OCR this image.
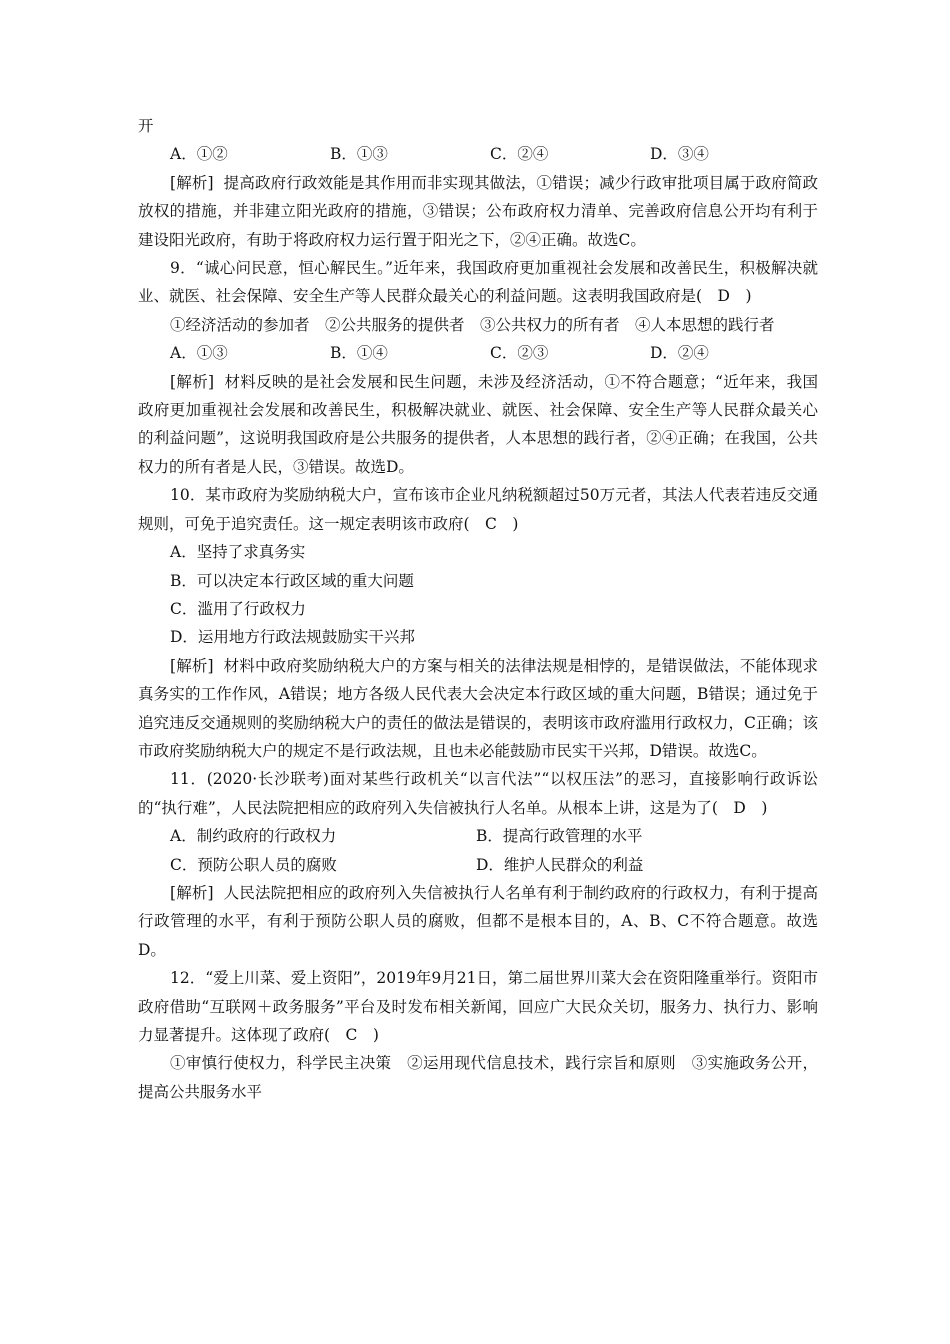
开

A．①②	B．①③	C．②④	D．③④

[解析] 提高政府行政效能是其作用而非实现其做法，①错误；减少行政审批项目属于政府简政放权的措施，并非建立阳光政府的措施，③错误；公布政府权力清单、完善政府信息公开均有利于建设阳光政府，有助于将政府权力运行置于阳光之下，②④正确。故选C。

9．“诚心问民意，恒心解民生。”近年来，我国政府更加重视社会发展和改善民生，积极解决就业、就医、社会保障、安全生产等人民群众最关心的利益问题。这表明我国政府是(　D　)

①经济活动的参加者　②公共服务的提供者　③公共权力的所有者　④人本思想的践行者

A．①③	B．①④	C．②③	D．②④

[解析] 材料反映的是社会发展和民生问题，未涉及经济活动，①不符合题意；“近年来，我国政府更加重视社会发展和改善民生，积极解决就业、就医、社会保障、安全生产等人民群众最关心的利益问题”，这说明我国政府是公共服务的提供者，人本思想的践行者，②④正确；在我国，公共权力的所有者是人民，③错误。故选D。

10．某市政府为奖励纳税大户，宣布该市企业凡纳税额超过50万元者，其法人代表若违反交通规则，可免于追究责任。这一规定表明该市政府(　C　)

A．坚持了求真务实
B．可以决定本行政区域的重大问题
C．滥用了行政权力
D．运用地方行政法规鼓励实干兴邦

[解析] 材料中政府奖励纳税大户的方案与相关的法律法规是相悖的，是错误做法，不能体现求真务实的工作作风，A错误；地方各级人民代表大会决定本行政区域的重大问题，B错误；通过免于追究违反交通规则的奖励纳税大户的责任的做法是错误的，表明该市政府滥用行政权力，C正确；该市政府奖励纳税大户的规定不是行政法规，且也未必能鼓励市民实干兴邦，D错误。故选C。

11．(2020·长沙联考)面对某些行政机关“以言代法”“以权压法”的恶习，直接影响行政诉讼的“执行难”，人民法院把相应的政府列入失信被执行人名单。从根本上讲，这是为了(　D　)

A．制约政府的行政权力	B．提高行政管理的水平
C．预防公职人员的腐败	D．维护人民群众的利益

[解析] 人民法院把相应的政府列入失信被执行人名单有利于制约政府的行政权力，有利于提高行政管理的水平，有利于预防公职人员的腐败，但都不是根本目的，A、B、C不符合题意。故选D。

12．“爱上川菜、爱上资阳”，2019年9月21日，第二届世界川菜大会在资阳隆重举行。资阳市政府借助“互联网＋政务服务”平台及时发布相关新闻，回应广大民众关切，服务力、执行力、影响力显著提升。这体现了政府(　C　)

①审慎行使权力，科学民主决策　②运用现代信息技术，践行宗旨和原则　③实施政务公开，提高公共服务水平
